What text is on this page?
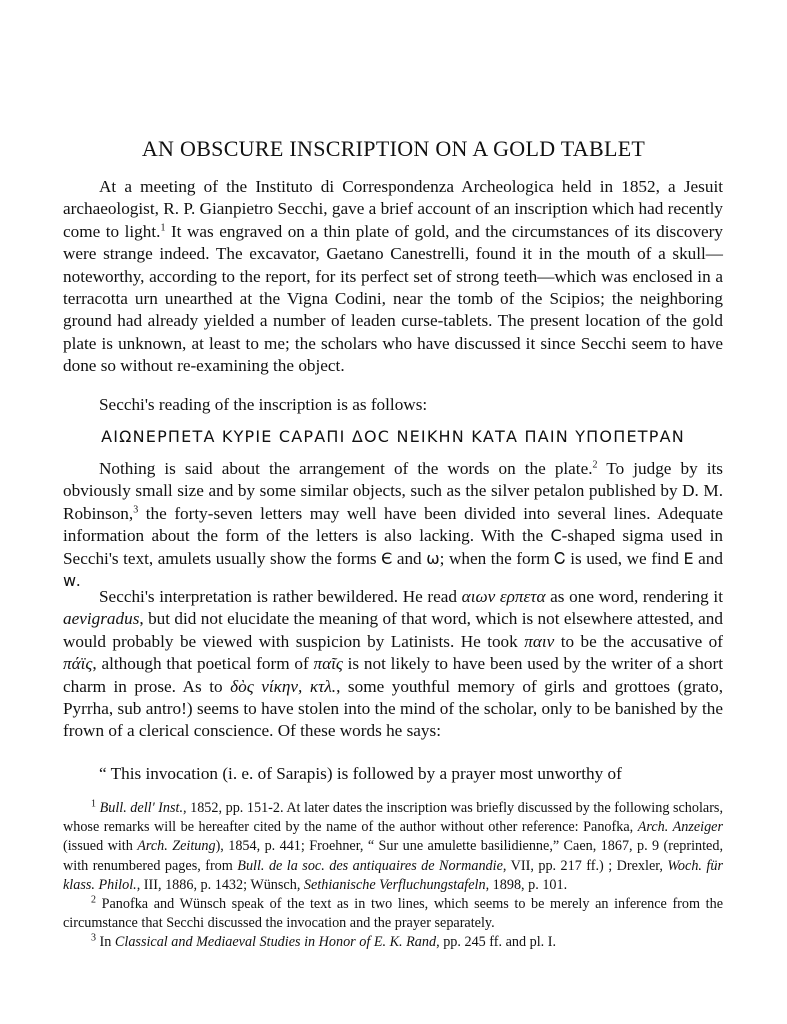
AN OBSCURE INSCRIPTION ON A GOLD TABLET

At a meeting of the Instituto di Correspondenza Archeologica held in 1852, a Jesuit archaeologist, R. P. Gianpietro Secchi, gave a brief account of an inscription which had recently come to light.$^1$ It was engraved on a thin plate of gold, and the circumstances of its discovery were strange indeed. The excavator, Gaetano Canestrelli, found it in the mouth of a skull—noteworthy, according to the report, for its perfect set of strong teeth—which was enclosed in a terracotta urn unearthed at the Vigna Codini, near the tomb of the Scipios; the neighboring ground had already yielded a number of leaden curse-tablets. The present location of the gold plate is unknown, at least to me; the scholars who have discussed it since Secchi seem to have done so without re-examining the object.

Secchi's reading of the inscription is as follows:

ΑΙΩΝΕΡΠΕΤΑ ΚΥΡΙΕ CΑΡΑΠΙ ΔΟC ΝΕΙΚΗΝ ΚΑΤΑ ΠΑΙΝ ΥΠΟΠΕΤΡΑΝ

Nothing is said about the arrangement of the words on the plate.$^2$ To judge by its obviously small size and by some similar objects, such as the silver petalon published by D. M. Robinson,$^3$ the forty-seven letters may well have been divided into several lines. Adequate information about the form of the letters is also lacking. With the C-shaped sigma used in Secchi's text, amulets usually show the forms Є and ω; when the form Ꮯ is used, we find Ε and w.

Secchi's interpretation is rather bewildered. He read αιων ερπετα as one word, rendering it aevigradus, but did not elucidate the meaning of that word, which is not elsewhere attested, and would probably be viewed with suspicion by Latinists. He took παιν to be the accusative of πάϊς, although that poetical form of παῖς is not likely to have been used by the writer of a short charm in prose. As to δὸς νίκην, κτλ., some youthful memory of girls and grottoes (grato, Pyrrha, sub antro!) seems to have stolen into the mind of the scholar, only to be banished by the frown of a clerical conscience. Of these words he says:

“ This invocation (i. e. of Sarapis) is followed by a prayer most unworthy of

$^1$ Bull. dell' Inst., 1852, pp. 151-2. At later dates the inscription was briefly discussed by the following scholars, whose remarks will be hereafter cited by the name of the author without other reference: Panofka, Arch. Anzeiger (issued with Arch. Zeitung), 1854, p. 441; Froehner, “ Sur une amulette basilidienne,” Caen, 1867, p. 9 (reprinted, with renumbered pages, from Bull. de la soc. des antiquaires de Normandie, VII, pp. 217 ff.) ; Drexler, Woch. für klass. Philol., III, 1886, p. 1432; Wünsch, Sethianische Verfluchungstafeln, 1898, p. 101.

$^2$ Panofka and Wünsch speak of the text as in two lines, which seems to be merely an inference from the circumstance that Secchi discussed the invocation and the prayer separately.

$^3$ In Classical and Mediaeval Studies in Honor of E. K. Rand, pp. 245 ff. and pl. I.
